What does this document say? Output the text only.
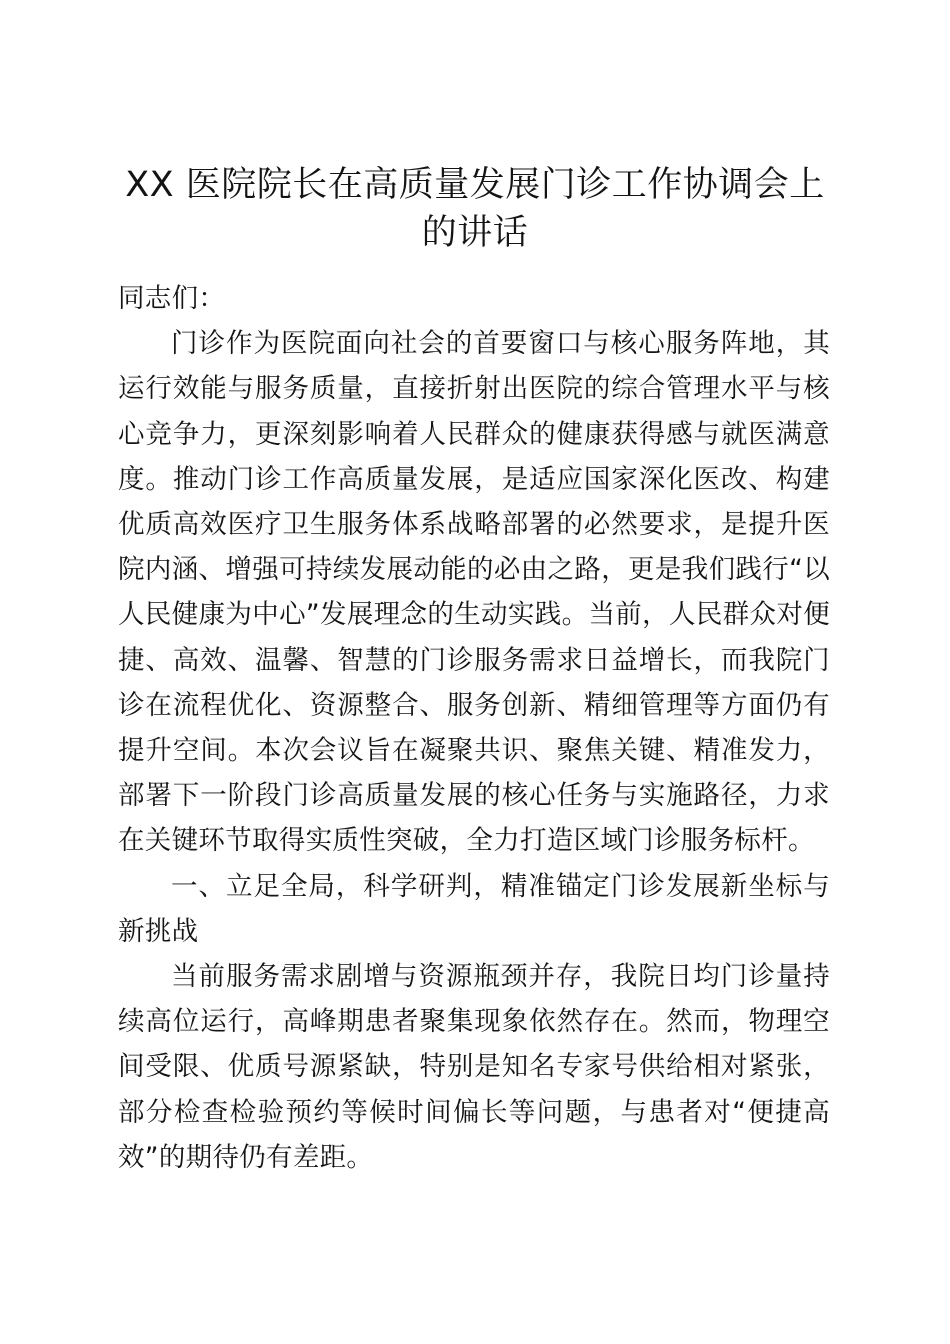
XX 医院院长在高质量发展门诊工作协调会上的讲话

同志们：

门诊作为医院面向社会的首要窗口与核心服务阵地，其运行效能与服务质量，直接折射出医院的综合管理水平与核心竞争力，更深刻影响着人民群众的健康获得感与就医满意度。推动门诊工作高质量发展，是适应国家深化医改、构建优质高效医疗卫生服务体系战略部署的必然要求，是提升医院内涵、增强可持续发展动能的必由之路，更是我们践行“以人民健康为中心”发展理念的生动实践。当前，人民群众对便捷、高效、温馨、智慧的门诊服务需求日益增长，而我院门诊在流程优化、资源整合、服务创新、精细管理等方面仍有提升空间。本次会议旨在凝聚共识、聚焦关键、精准发力，部署下一阶段门诊高质量发展的核心任务与实施路径，力求在关键环节取得实质性突破，全力打造区域门诊服务标杆。

一、立足全局，科学研判，精准锚定门诊发展新坐标与新挑战

当前服务需求剧增与资源瓶颈并存，我院日均门诊量持续高位运行，高峰期患者聚集现象依然存在。然而，物理空间受限、优质号源紧缺，特别是知名专家号供给相对紧张，部分检查检验预约等候时间偏长等问题，与患者对“便捷高效”的期待仍有差距。
